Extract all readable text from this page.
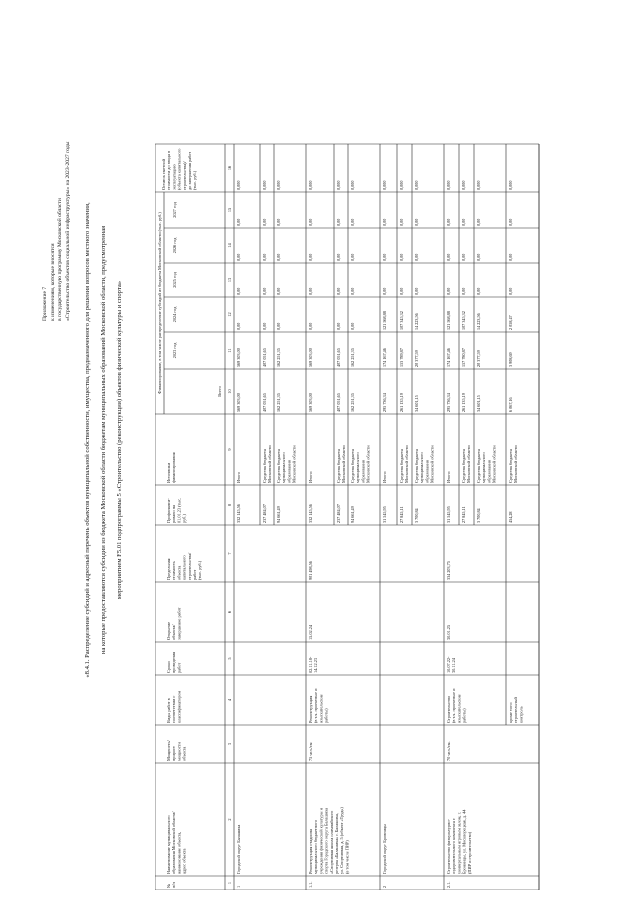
Приложение 7 к изменениям, которые вносятся в государственную программу Московской области «Строительство объектов социальной инфраструктуры» на 2023-2027 годы «8.4.1. Распределение субсидий и адресный перечень объектов муниципальной собственности, имущества, предназначенного для решения вопросов местного значения, на которые предоставляются субсидии из бюджета Московской области бюджетам муниципальных образований Московской области, предусмотренная мероприятием F5.01 подпрограммы 5 «Строительство (реконструкция) объектов физической культуры и спорта»
№п/п
Наименование муниципальногообразования Московской области/наименование объекта,адрес объекта
Мощность/приростмощностиобъекта
Виды работ всоответствии склассификатором
Срокипроведенияработ
Открытиеобъекта/завершение работ
Предельнаястоимостьобъектакапитальногостроительства/работ(тыс. руб.)
Профинанси-ровано на01.01.23 (тыс.руб.)
Источникифинансирования
Финансирование, в том числе распределение субсидий из бюджета Московской области (тыс. руб.)	Всего
2023 год
2024 год
2025 год
2026 год
2027 год
Остаток сметнойстоимости до ввода вэксплуатацию(объекта капитальногостроительства)/до завершения работ(тыс. руб.)
1
2
3
4
5
6
7
8
9
10
11
12
13
14
15
16
1
Городской округ Балашиха
332 145,56
Итого
569 303,00
569 303,00
0,00
0,00
0,00
0,00
0,000
Средства бюджетаМосковской области
237 484,07
407 051,65
407 051,65
0,00
0,00
0,00
0,00
0,000
Средства бюджетамуниципальногообразованияМосковской области
94 661,49
162 251,35
162 251,35
0,00
0,00
0,00
0,00
0,000
1.1.
Реконструкция стадионамуниципального бюджетногоучреждения физической культуры испорта Городского округа Балашиха«Спортивная школа олимпийскогорезерва «Балашиха» г. Балашиха,ул. Спортивная, д. 5 (объект «Труд»)(в том числе ПИР)
75 чел./см
Реконструкция(в т.ч. проектные иизыскательскиеработы)
02.11.18-14.12.23
15.02.24
901 498,56
332 145,56
Итого:
569 303,00
569 303,00
0,00
0,00
0,00
0,00
0,000
Средства бюджетаМосковской области
237 484,07
407 051,65
407 051,65
0,00
0,00
0,00
0,00
0,000
Средства бюджетамуниципальногообразованияМосковской области
94 661,49
162 251,35
162 251,35
0,00
0,00
0,00
0,00
0,000
2
Городской округ Бронницы
31 545,95
Итого:
295 736,34
174 167,46
121 568,88
0,00
0,00
0,00
0,000
Средства бюджетаМосковской области
27 845,11
261 135,19
153 789,87
107 345,32
0,00
0,00
0,00
0,000
Средства бюджетамуниципальногообразованияМосковской области
3 700,84
34 601,15
20 377,59
14 223,56
0,00
0,00
0,00
0,000
2.1.
Строительство физкультурно-оздоровительного комплекса суниверсальным игровым залом, г.Бронницы, ул. Москворецкая, д. 44(ПИР и строительство)
70 чел./см.
Строительство(в т.ч. проектные иизыскательскиеработы)
10.07.22-30.11.24
30.01.25
334 203,75
31 545,95
Итого:
295 736,34
174 167,46
121 568,88
0,00
0,00
0,00
0,000
Средства бюджетаМосковской области
27 845,11
261 135,19
157 780,87
107 345,32
0,00
0,00
0,00
0,000
Средства бюджетамуниципальногообразованияМосковской области
3 700,84
34 601,15
20 377,59
14 223,56
0,00
0,00
0,00
0,000
кроме того:строительныйконтроль
454,28
Средства бюджетаМосковской области
6 067,16
3 908,69
2 058,47
0,00
0,00
0,00
0,000
